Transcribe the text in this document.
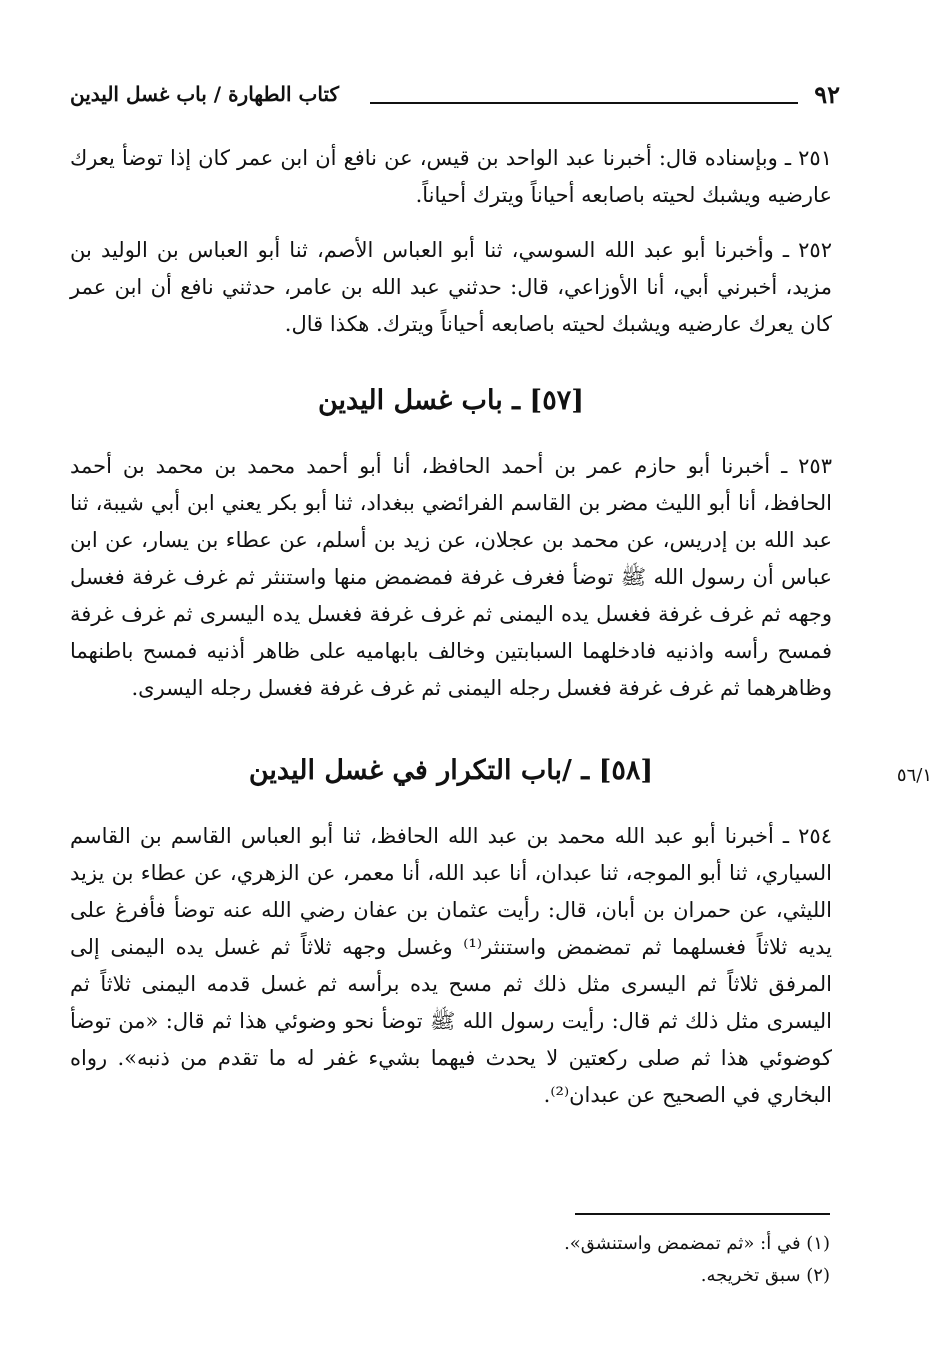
٩٢
كتاب الطهارة / باب غسل اليدين
٢٥١ ـ وبإسناده قال: أخبرنا عبد الواحد بن قيس، عن نافع أن ابن عمر كان إذا توضأ يعرك عارضيه ويشبك لحيته باصابعه أحياناً ويترك أحياناً.
٢٥٢ ـ وأخبرنا أبو عبد الله السوسي، ثنا أبو العباس الأصم، ثنا أبو العباس بن الوليد بن مزيد، أخبرني أبي، أنا الأوزاعي، قال: حدثني عبد الله بن عامر، حدثني نافع أن ابن عمر كان يعرك عارضيه ويشبك لحيته باصابعه أحياناً ويترك. هكذا قال.
[٥٧] ـ باب غسل اليدين
٢٥٣ ـ أخبرنا أبو حازم عمر بن أحمد الحافظ، أنا أبو أحمد محمد بن محمد بن أحمد الحافظ، أنا أبو الليث مضر بن القاسم الفرائضي ببغداد، ثنا أبو بكر يعني ابن أبي شيبة، ثنا عبد الله بن إدريس، عن محمد بن عجلان، عن زيد بن أسلم، عن عطاء بن يسار، عن ابن عباس أن رسول الله ﷺ توضأ فغرف غرفة فمضمض منها واستنثر ثم غرف غرفة فغسل وجهه ثم غرف غرفة فغسل يده اليمنى ثم غرف غرفة فغسل يده اليسرى ثم غرف غرفة فمسح رأسه واذنيه فادخلهما السبابتين وخالف بابهاميه على ظاهر أذنيه فمسح باطنهما وظاهرهما ثم غرف غرفة فغسل رجله اليمنى ثم غرف غرفة فغسل رجله اليسرى.
[٥٨] ـ /باب التكرار في غسل اليدين	٥٦/١
٢٥٤ ـ أخبرنا أبو عبد الله محمد بن عبد الله الحافظ، ثنا أبو العباس القاسم بن القاسم السياري، ثنا أبو الموجه، ثنا عبدان، أنا عبد الله، أنا معمر، عن الزهري، عن عطاء بن يزيد الليثي، عن حمران بن أبان، قال: رأيت عثمان بن عفان رضي الله عنه توضأ فأفرغ على يديه ثلاثاً فغسلهما ثم تمضمض واستنثر⁽¹⁾ وغسل وجهه ثلاثاً ثم غسل يده اليمنى إلى المرفق ثلاثاً ثم اليسرى مثل ذلك ثم مسح يده برأسه ثم غسل قدمه اليمنى ثلاثاً ثم اليسرى مثل ذلك ثم قال: رأيت رسول الله ﷺ توضأ نحو وضوئي هذا ثم قال: «من توضأ كوضوئي هذا ثم صلى ركعتين لا يحدث فيهما بشيء غفر له ما تقدم من ذنبه». رواه البخاري في الصحيح عن عبدان⁽²⁾.
(١) في أ: «ثم تمضمض واستنشق».
(٢) سبق تخريجه.
